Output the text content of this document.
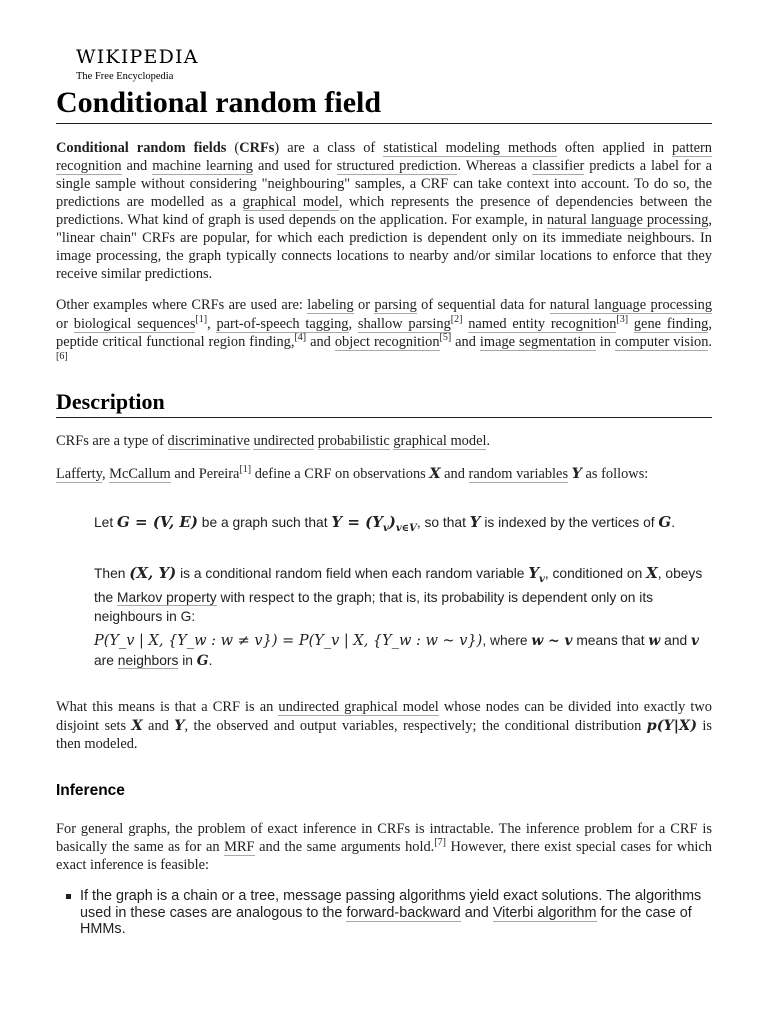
WIKIPEDIA
The Free Encyclopedia
Conditional random field

Conditional random fields (CRFs) are a class of statistical modeling methods often applied in pattern recognition and machine learning and used for structured prediction. Whereas a classifier predicts a label for a single sample without considering "neighbouring" samples, a CRF can take context into account. To do so, the predictions are modelled as a graphical model, which represents the presence of dependencies between the predictions. What kind of graph is used depends on the application. For example, in natural language processing, "linear chain" CRFs are popular, for which each prediction is dependent only on its immediate neighbours. In image processing, the graph typically connects locations to nearby and/or similar locations to enforce that they receive similar predictions.

Other examples where CRFs are used are: labeling or parsing of sequential data for natural language processing or biological sequences[1], part-of-speech tagging, shallow parsing[2] named entity recognition[3] gene finding, peptide critical functional region finding,[4] and object recognition[5] and image segmentation in computer vision.[6]

Description

CRFs are a type of discriminative undirected probabilistic graphical model.

Lafferty, McCallum and Pereira[1] define a CRF on observations X and random variables Y as follows:

Let G = (V, E) be a graph such that $Y = (Y_v)_{v\in V}$, so that Y is indexed by the vertices of G.

Then (X, Y) is a conditional random field when each random variable $Y_v$, conditioned on X, obeys the Markov property with respect to the graph; that is, its probability is dependent only on its neighbours in G:

P(Y_v | X, {Y_w : w ≠ v}) = P(Y_v | X, {Y_w : w ~ v}), where w ~ v means that w and v are neighbors in G.

What this means is that a CRF is an undirected graphical model whose nodes can be divided into exactly two disjoint sets X and Y, the observed and output variables, respectively; the conditional distribution p(Y|X) is then modeled.

Inference

For general graphs, the problem of exact inference in CRFs is intractable. The inference problem for a CRF is basically the same as for an MRF and the same arguments hold.[7] However, there exist special cases for which exact inference is feasible:

If the graph is a chain or a tree, message passing algorithms yield exact solutions. The algorithms used in these cases are analogous to the forward-backward and Viterbi algorithm for the case of HMMs.
